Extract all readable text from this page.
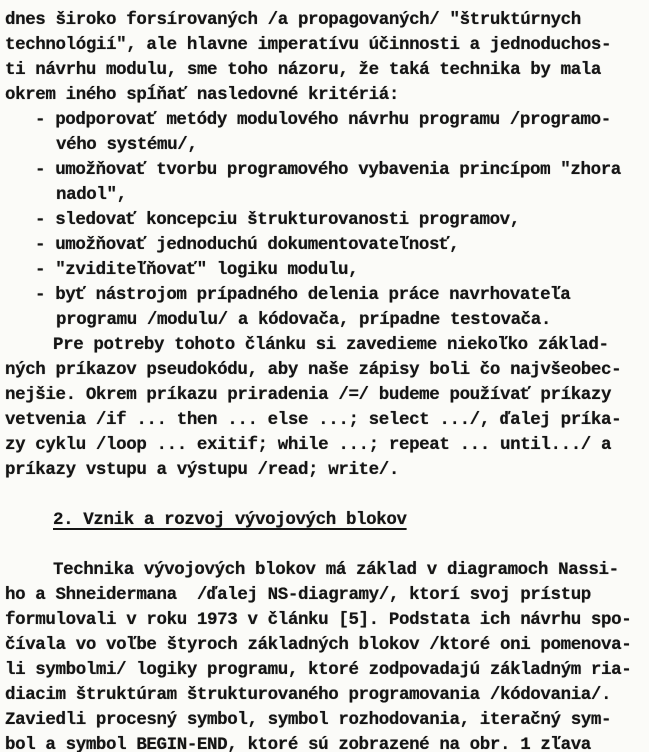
dnes široko forsírovaných /a propagovaných/ "štruktúrnych
technológií", ale hlavne imperatívu účinnosti a jednoduchos-
ti návrhu modulu, sme toho názoru, že taká technika by mala
okrem iného spĺňať nasledovné kritériá:
- podporovať metódy modulového návrhu programu /programo-
vého systému/,
- umožňovať tvorbu programového vybavenia princípom "zhora
nadol",
- sledovať koncepciu štrukturovanosti programov,
- umožňovať jednoduchú dokumentovateľnosť,
- "zviditeľňovať" logiku modulu,
- byť nástrojom prípadného delenia práce navrhovateľa
programu /modulu/ a kódovača, prípadne testovača.
Pre potreby tohoto článku si zavedieme niekoľko základ-
ných príkazov pseudokódu, aby naše zápisy boli čo najvšeobec-
nejšie. Okrem príkazu priradenia /=/ budeme používať príkazy
vetvenia /if ... then ... else ...; select .../, ďalej príka-
zy cyklu /loop ... exitif; while ...; repeat ... until.../ a
príkazy vstupu a výstupu /read; write/.
2. Vznik a rozvoj vývojových blokov
Technika vývojových blokov má základ v diagramoch Nassi-
ho a Shneidermana  /ďalej NS-diagramy/, ktorí svoj prístup
formulovali v roku 1973 v článku [5]. Podstata ich návrhu spo-
čívala vo voľbe štyroch základných blokov /ktoré oni pomenova-
li symbolmi/ logiky programu, ktoré zodpovadajú základným ria-
diacim štruktúram štrukturovaného programovania /kódovania/.
Zaviedli procesný symbol, symbol rozhodovania, iteračný sym-
bol a symbol BEGIN-END, ktoré sú zobrazené na obr. 1 zľava
